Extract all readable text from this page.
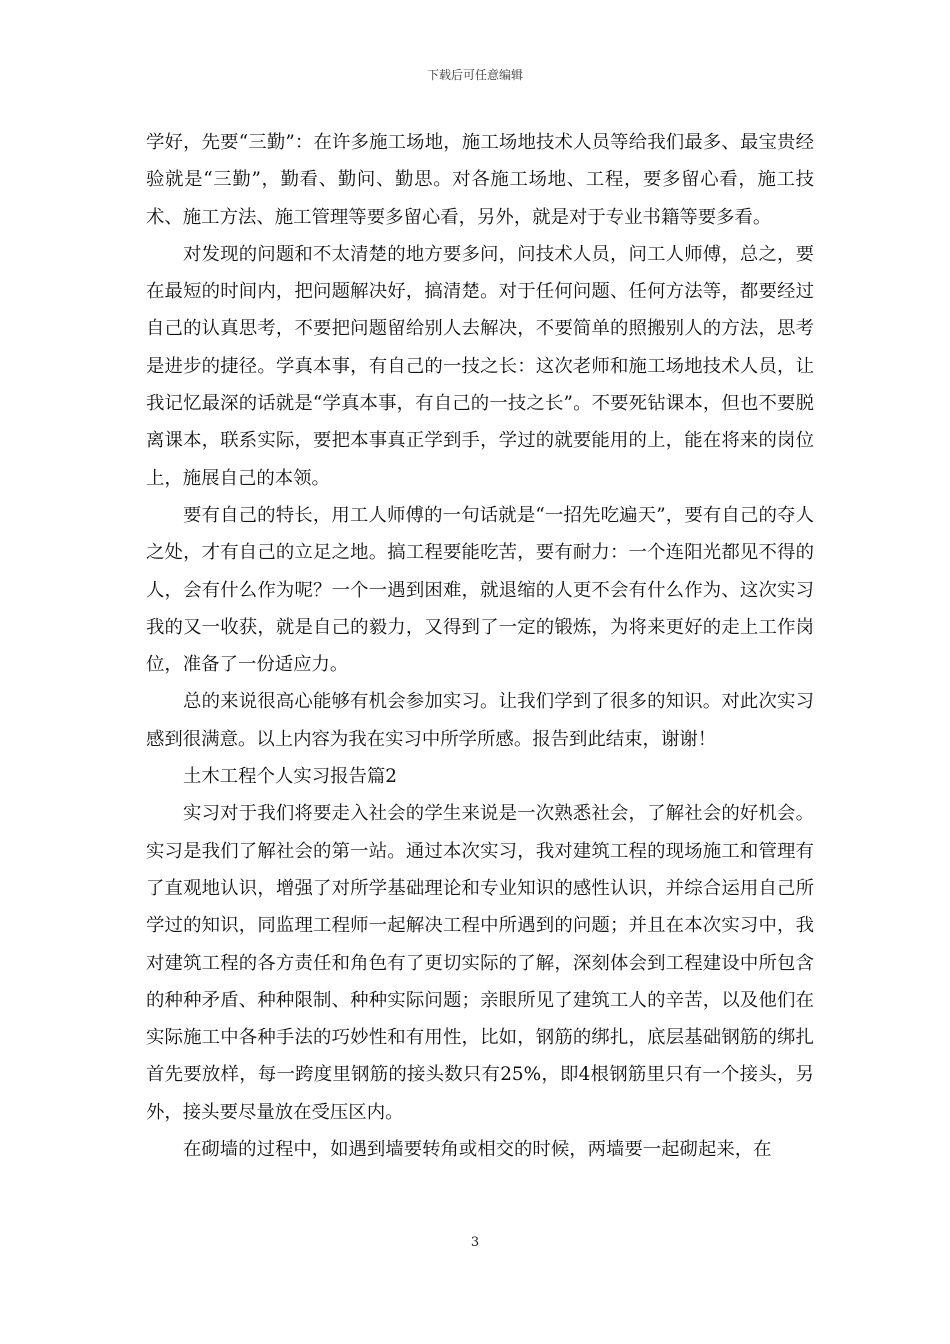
下载后可任意编辑

学好，先要“三勤”：在许多施工场地，施工场地技术人员等给我们最多、最宝贵经验就是“三勤”，勤看、勤问、勤思。对各施工场地、工程，要多留心看，施工技术、施工方法、施工管理等要多留心看，另外，就是对于专业书籍等要多看。

对发现的问题和不太清楚的地方要多问，问技术人员，问工人师傅，总之，要在最短的时间内，把问题解决好，搞清楚。对于任何问题、任何方法等，都要经过自己的认真思考，不要把问题留给别人去解决，不要简单的照搬别人的方法，思考是进步的捷径。学真本事，有自己的一技之长：这次老师和施工场地技术人员，让我记忆最深的话就是“学真本事，有自己的一技之长”。不要死钻课本，但也不要脱离课本，联系实际，要把本事真正学到手，学过的就要能用的上，能在将来的岗位上，施展自己的本领。

要有自己的特长，用工人师傅的一句话就是“一招先吃遍天”，要有自己的夺人之处，才有自己的立足之地。搞工程要能吃苦，要有耐力：一个连阳光都见不得的人，会有什么作为呢？一个一遇到困难，就退缩的人更不会有什么作为、这次实习我的又一收获，就是自己的毅力，又得到了一定的锻炼，为将来更好的走上工作岗位，准备了一份适应力。

总的来说很高心能够有机会参加实习。让我们学到了很多的知识。对此次实习感到很满意。以上内容为我在实习中所学所感。报告到此结束，谢谢！

土木工程个人实习报告篇2

实习对于我们将要走入社会的学生来说是一次熟悉社会，了解社会的好机会。实习是我们了解社会的第一站。通过本次实习，我对建筑工程的现场施工和管理有了直观地认识，增强了对所学基础理论和专业知识的感性认识，并综合运用自己所学过的知识，同监理工程师一起解决工程中所遇到的问题；并且在本次实习中，我对建筑工程的各方责任和角色有了更切实际的了解，深刻体会到工程建设中所包含的种种矛盾、种种限制、种种实际问题；亲眼所见了建筑工人的辛苦，以及他们在实际施工中各种手法的巧妙性和有用性，比如，钢筋的绑扎，底层基础钢筋的绑扎首先要放样，每一跨度里钢筋的接头数只有25%，即4根钢筋里只有一个接头，另外，接头要尽量放在受压区内。

在砌墙的过程中，如遇到墙要转角或相交的时候，两墙要一起砌起来，在

3
